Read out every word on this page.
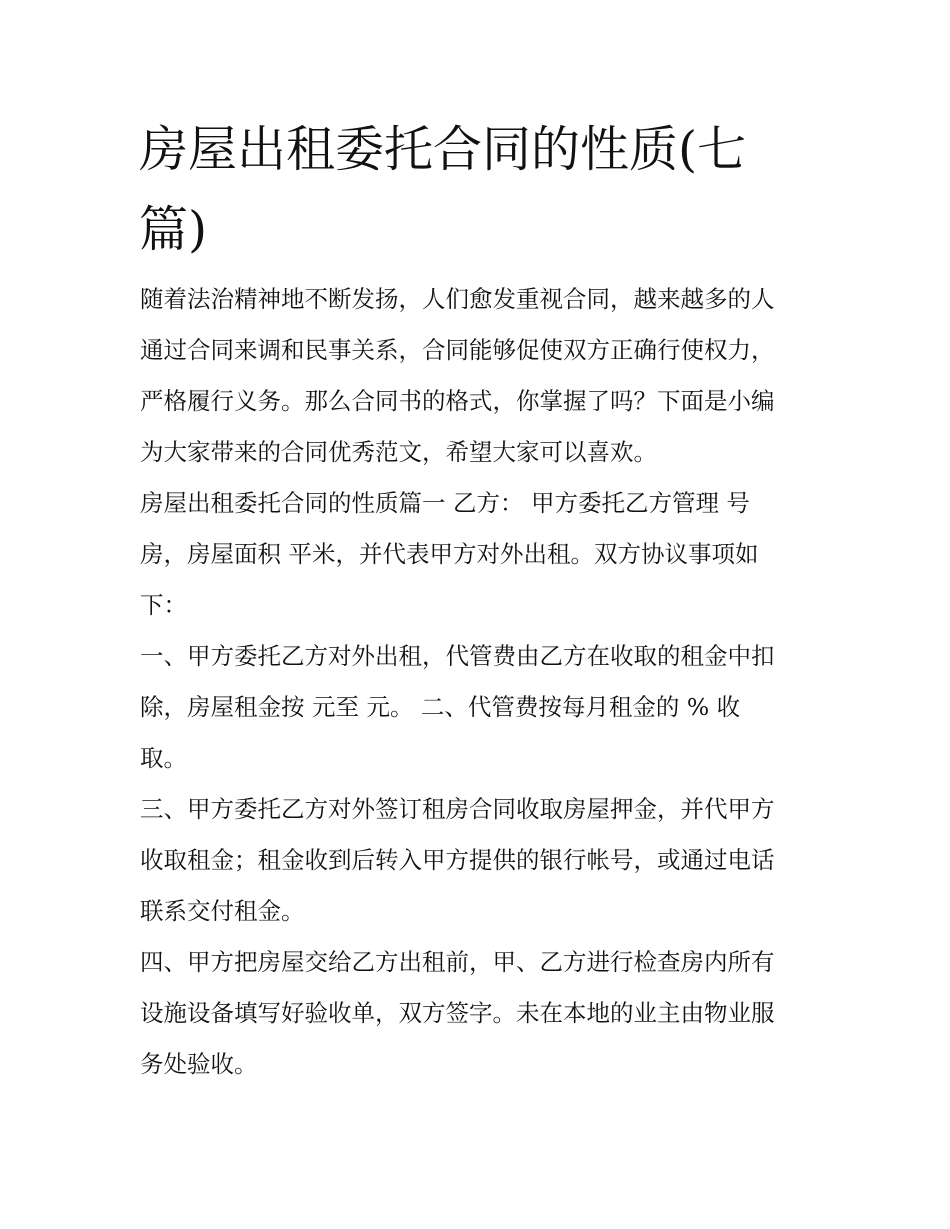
房屋出租委托合同的性质(七
篇)
随着法治精神地不断发扬，人们愈发重视合同，越来越多的人
通过合同来调和民事关系，合同能够促使双方正确行使权力，
严格履行义务。那么合同书的格式，你掌握了吗？下面是小编
为大家带来的合同优秀范文，希望大家可以喜欢。
房屋出租委托合同的性质篇一 乙方： 甲方委托乙方管理 号
房，房屋面积 平米，并代表甲方对外出租。双方协议事项如
下：
一、甲方委托乙方对外出租，代管费由乙方在收取的租金中扣
除，房屋租金按 元至 元。 二、代管费按每月租金的 % 收
取。
三、甲方委托乙方对外签订租房合同收取房屋押金，并代甲方
收取租金；租金收到后转入甲方提供的银行帐号，或通过电话
联系交付租金。
四、甲方把房屋交给乙方出租前，甲、乙方进行检查房内所有
设施设备填写好验收单，双方签字。未在本地的业主由物业服
务处验收。
